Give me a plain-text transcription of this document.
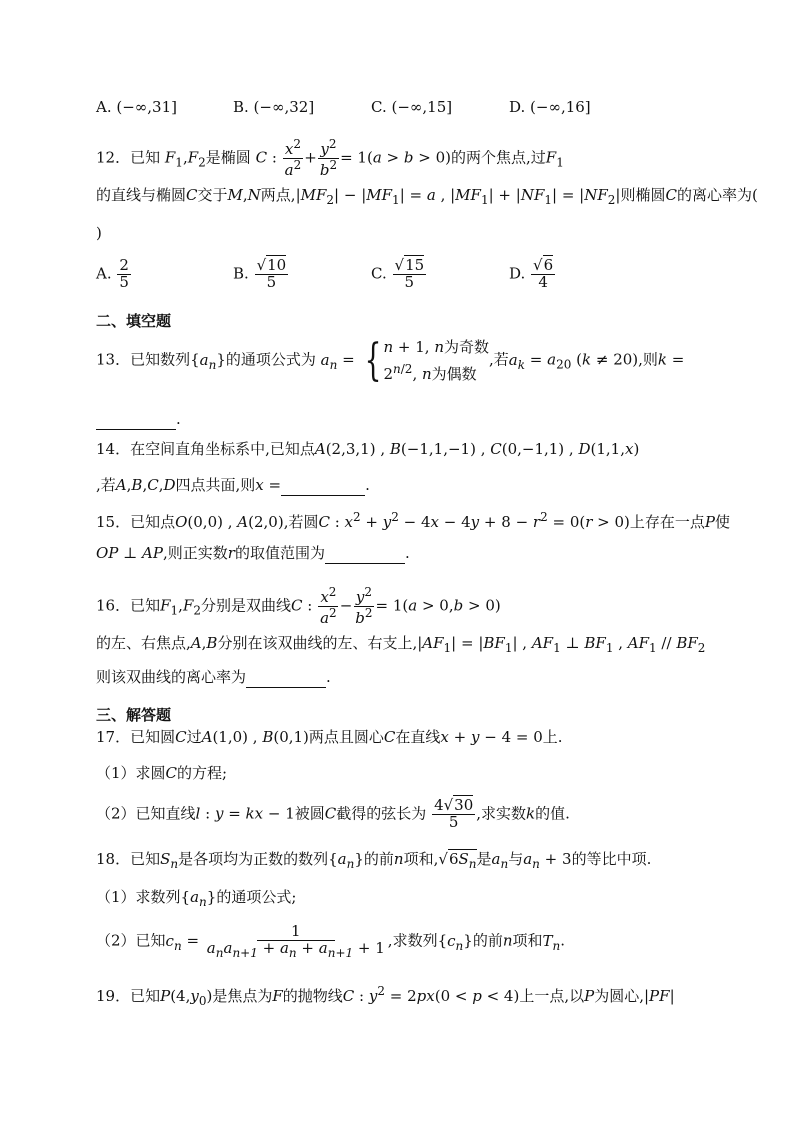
A. (−∞,31]	B. (−∞,32]	C. (−∞,15]	D. (−∞,16]
12．已知 $F_1,F_2$是椭圆 C : $\frac{x^2}{a^2} + \frac{y^2}{b^2} = 1(a > b > 0)$的两个焦点,过$F_1$
的直线与椭圆C交于M,N两点$,|MF_2| - |MF_1| = a$ , $|MF_1| + |NF_1| = |NF_2|$则椭圆C的离心率为(
)
A. $\frac{2}{5}$	B. $\frac{√10}{5}$	C. $\frac{√15}{5}$	D. $\frac{√6}{4}$
二、填空题
13．已知数列$\{a_n\}$的通项公式为 $a_n$ = { n + 1, n为奇数
$2^{n/2}$, n为偶数
,若$a_k = a_{20}$ (k ≠ 20),则k =
.
14．在空间直角坐标系中,已知点A(2,3,1) , B(−1,1,−1) , C(0,−1,1) , D(1,1,x)
,若A,B,C,D四点共面,则x =	.
15．已知点O(0,0) , A(2,0),若圆C : $x^2 + y^2 - 4x - 4y + 8 - r^2 = 0(r > 0)$上存在一点P使
OP ⊥ AP,则正实数r的取值范围为	.
16．已知$F_1,F_2$分别是双曲线C : $\frac{x^2}{a^2} - \frac{y^2}{b^2} = 1(a > 0,b > 0)$
的左、右焦点,A,B分别在该双曲线的左、右支上$,|AF_1| = |BF_1|$ , $AF_1$ ⊥ $BF_1$ , $AF_1 // BF_2$
则该双曲线的离心率为	.
三、解答题
17．已知圆C过A(1,0) , B(0,1)两点且圆心C在直线x + y − 4 = 0上.
（1）求圆C的方程;
（2）已知直线l : y = kx − 1被圆C截得的弦长为 $\frac{4√30}{5}$ ,求实数k的值.
18．已知$S_n$是各项均为正数的数列$\{a_n\}$的前n项和$,√6S_n$是$a_n$与$a_n + 3$的等比中项.
（1）求数列$\{a_n\}$的通项公式;
（2）已知$c_n = \frac{1}{a_na_{n+1} + a_n + a_{n+1} + 1}$ ,求数列$\{c_n\}$的前n项和$T_n$.
19．已知$P(4,y_0)$是焦点为F的抛物线C : $y^2 = 2px(0 < p < 4)$上一点,以P为圆心,|PF|
